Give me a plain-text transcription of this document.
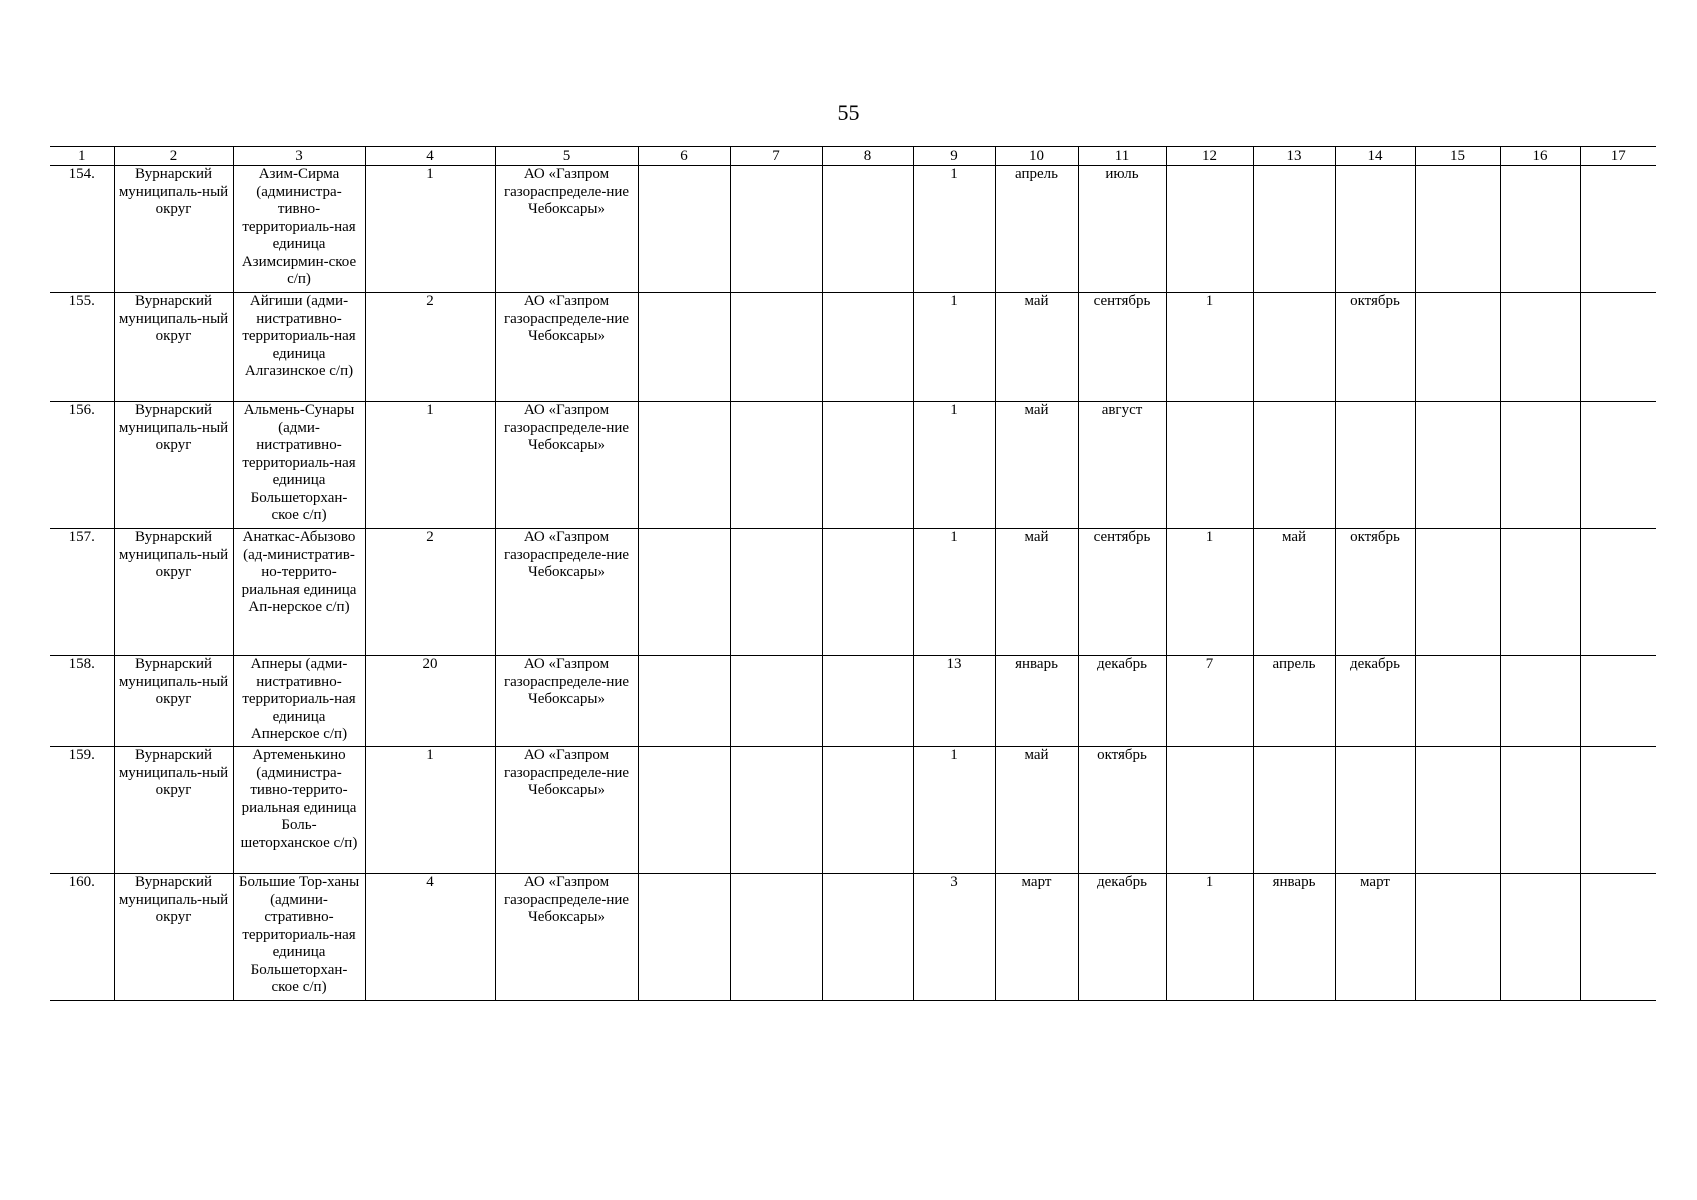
55
1	2	3	4	5	6	7	8	9	10	11	12	13	14	15	16	17
154.	Вурнарский муниципаль-ный округ	Азим-Сирма (администра-тивно-территориаль-ная единица Азимсирмин-ское с/п)	1	АО «Газпром газораспределе-ние Чебоксары»				1	апрель	июль						
155.	Вурнарский муниципаль-ный округ	Айгиши (адми-нистративно-территориаль-ная единица Алгазинское с/п)	2	АО «Газпром газораспределе-ние Чебоксары»				1	май	сентябрь	1		октябрь			
156.	Вурнарский муниципаль-ный округ	Альмень-Сунары (адми-нистративно-территориаль-ная единица Большеторхан-ское с/п)	1	АО «Газпром газораспределе-ние Чебоксары»				1	май	август						
157.	Вурнарский муниципаль-ный округ	Анаткас-Абызово (ад-министратив-но-террито-риальная единица Ап-нерское с/п)	2	АО «Газпром газораспределе-ние Чебоксары»				1	май	сентябрь	1	май	октябрь			
158.	Вурнарский муниципаль-ный округ	Апнеры (адми-нистративно-территориаль-ная единица Апнерское с/п)	20	АО «Газпром газораспределе-ние Чебоксары»				13	январь	декабрь	7	апрель	декабрь			
159.	Вурнарский муниципаль-ный округ	Артеменькино (администра-тивно-террито-риальная единица Боль-шеторханское с/п)	1	АО «Газпром газораспределе-ние Чебоксары»				1	май	октябрь						
160.	Вурнарский муниципаль-ный округ	Большие Тор-ханы (админи-стративно-территориаль-ная единица Большеторхан-ское с/п)	4	АО «Газпром газораспределе-ние Чебоксары»				3	март	декабрь	1	январь	март			
